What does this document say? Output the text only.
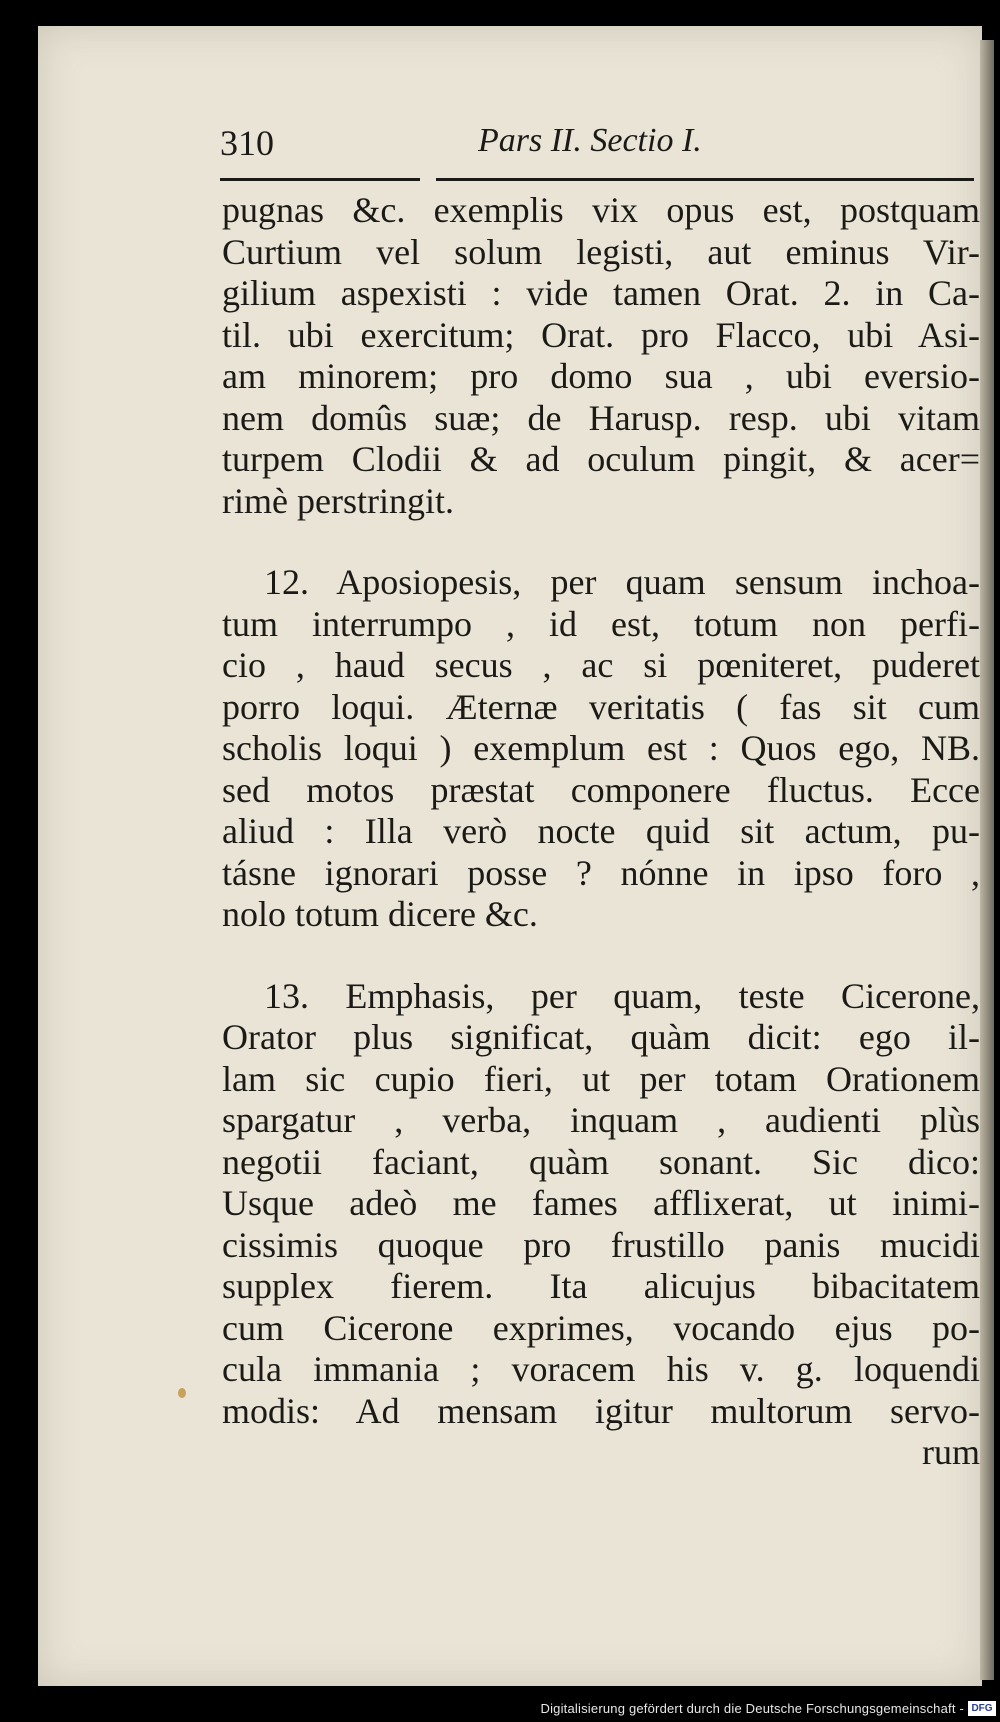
310	Pars II. Sectio I.
pugnas &c. exemplis vix opus est, postquam
Curtium vel solum legisti, aut eminus Vir-
gilium aspexisti : vide tamen Orat. 2. in Ca-
til. ubi exercitum; Orat. pro Flacco, ubi Asi-
am minorem; pro domo sua , ubi eversio-
nem domûs suæ; de Harusp. resp. ubi vitam
turpem Clodii & ad oculum pingit, & acer=
rimè perstringit.
12. Aposiopesis, per quam sensum inchoa-
tum interrumpo , id est, totum non perfi-
cio , haud secus , ac si pœniteret, puderet
porro loqui. Æternæ veritatis ( fas sit cum
scholis loqui ) exemplum est : Quos ego, NB.
sed motos præstat componere fluctus. Ecce
aliud : Illa verò nocte quid sit actum, pu-
tásne ignorari posse ? nónne in ipso foro ,
nolo totum dicere &c.
13. Emphasis, per quam, teste Cicerone,
Orator plus significat, quàm dicit: ego il-
lam sic cupio fieri, ut per totam Orationem
spargatur , verba, inquam , audienti plùs
negotii faciant, quàm sonant. Sic dico:
Usque adeò me fames afflixerat, ut inimi-
cissimis quoque pro frustillo panis mucidi
supplex fierem. Ita alicujus bibacitatem
cum Cicerone exprimes, vocando ejus po-
cula immania ; voracem his v. g. loquendi
modis: Ad mensam igitur multorum servo-
rum
Digitalisierung gefördert durch die Deutsche Forschungsgemeinschaft - DFG
